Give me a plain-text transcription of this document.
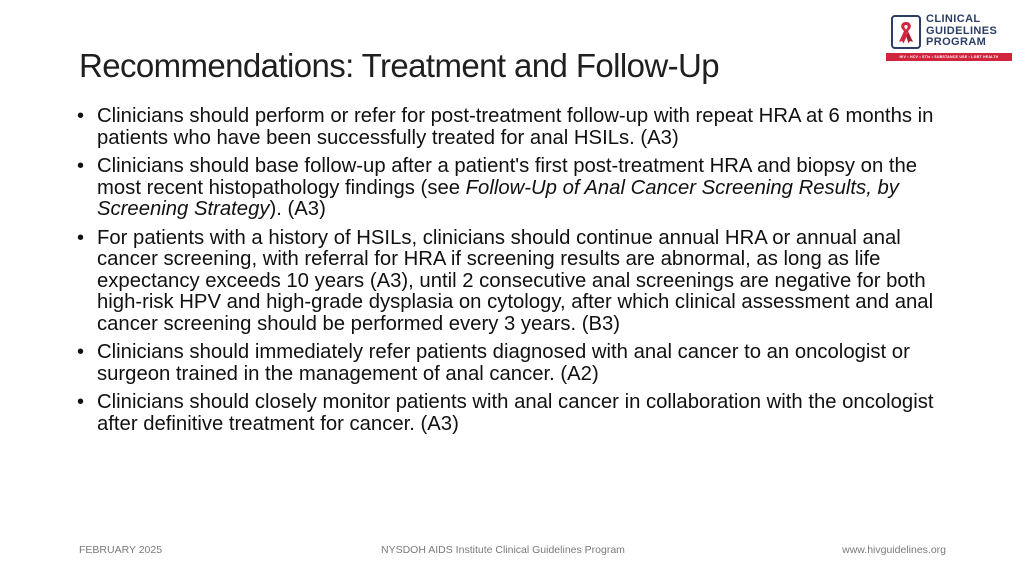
Recommendations: Treatment and Follow-Up
CLINICAL
GUIDELINES
PROGRAM
HIV • HCV • STIs • SUBSTANCE USE • LGBT HEALTH
• Clinicians should perform or refer for post-treatment follow-up with repeat HRA at 6 months in patients who have been successfully treated for anal HSILs. (A3)
• Clinicians should base follow-up after a patient's first post-treatment HRA and biopsy on the most recent histopathology findings (see Follow-Up of Anal Cancer Screening Results, by Screening Strategy). (A3)
• For patients with a history of HSILs, clinicians should continue annual HRA or annual anal cancer screening, with referral for HRA if screening results are abnormal, as long as life expectancy exceeds 10 years (A3), until 2 consecutive anal screenings are negative for both high-risk HPV and high-grade dysplasia on cytology, after which clinical assessment and anal cancer screening should be performed every 3 years. (B3)
• Clinicians should immediately refer patients diagnosed with anal cancer to an oncologist or surgeon trained in the management of anal cancer. (A2)
• Clinicians should closely monitor patients with anal cancer in collaboration with the oncologist after definitive treatment for cancer. (A3)
FEBRUARY 2025	NYSDOH AIDS Institute Clinical Guidelines Program	www.hivguidelines.org
